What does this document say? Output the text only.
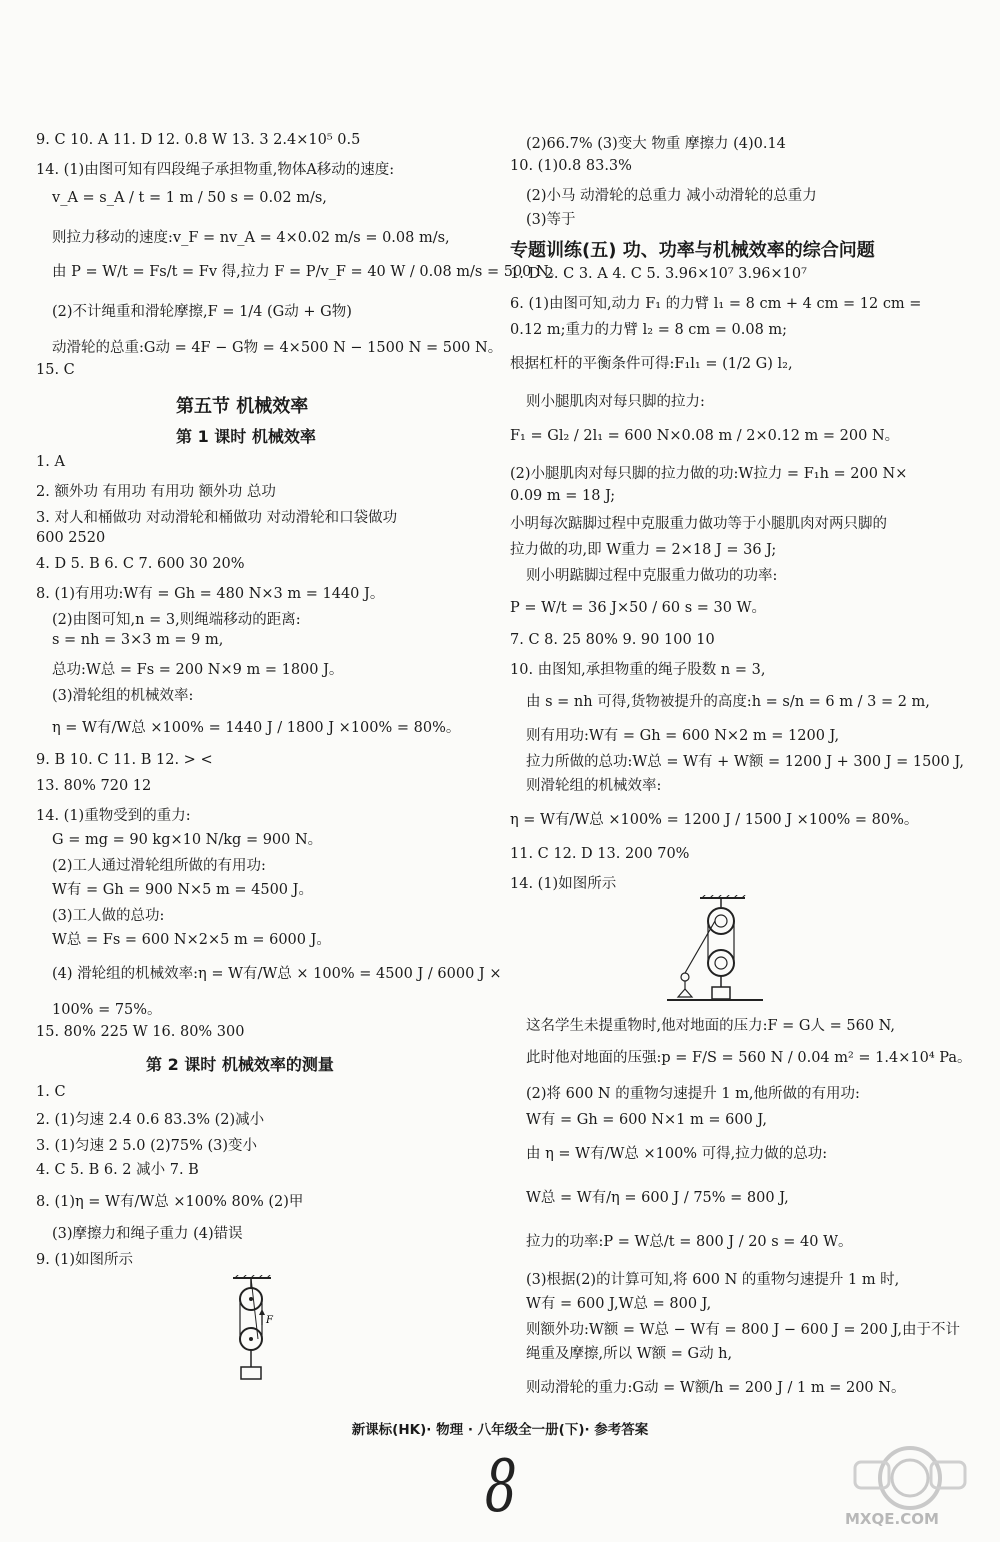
9. C 10. A 11. D 12. 0.8 W 13. 3 2.4×10⁵ 0.5
14. (1)由图可知有四段绳子承担物重,物体A移动的速度:
v_A = s_A / t = 1 m / 50 s = 0.02 m/s,
则拉力移动的速度:v_F = nv_A = 4×0.02 m/s = 0.08 m/s,
由 P = W/t = Fs/t = Fv 得,拉力 F = P/v_F = 40 W / 0.08 m/s = 500 N。
(2)不计绳重和滑轮摩擦,F = 1/4 (G动 + G物)
动滑轮的总重:G动 = 4F − G物 = 4×500 N − 1500 N = 500 N。
15. C
第五节 机械效率
第 1 课时 机械效率
1. A
2. 额外功 有用功 有用功 额外功 总功
3. 对人和桶做功 对动滑轮和桶做功 对动滑轮和口袋做功
600 2520
4. D 5. B 6. C 7. 600 30 20%
8. (1)有用功:W有 = Gh = 480 N×3 m = 1440 J。
(2)由图可知,n = 3,则绳端移动的距离:
s = nh = 3×3 m = 9 m,
总功:W总 = Fs = 200 N×9 m = 1800 J。
(3)滑轮组的机械效率:
η = W有/W总 ×100% = 1440 J / 1800 J ×100% = 80%。
9. B 10. C 11. B 12. > <
13. 80% 720 12
14. (1)重物受到的重力:
G = mg = 90 kg×10 N/kg = 900 N。
(2)工人通过滑轮组所做的有用功:
W有 = Gh = 900 N×5 m = 4500 J。
(3)工人做的总功:
W总 = Fs = 600 N×2×5 m = 6000 J。
(4) 滑轮组的机械效率:η = W有/W总 × 100% = 4500 J / 6000 J ×
100% = 75%。
15. 80% 225 W 16. 80% 300
第 2 课时 机械效率的测量
1. C
2. (1)匀速 2.4 0.6 83.3% (2)减小
3. (1)匀速 2 5.0 (2)75% (3)变小
4. C 5. B 6. 2 减小 7. B
8. (1)η = W有/W总 ×100% 80% (2)甲
(3)摩擦力和绳子重力 (4)错误
9. (1)如图所示
F
(2)66.7% (3)变大 物重 摩擦力 (4)0.14
10. (1)0.8 83.3%
(2)小马 动滑轮的总重力 减小动滑轮的总重力
(3)等于
专题训练(五) 功、功率与机械效率的综合问题
1. D 2. C 3. A 4. C 5. 3.96×10⁷ 3.96×10⁷
6. (1)由图可知,动力 F₁ 的力臂 l₁ = 8 cm + 4 cm = 12 cm =
0.12 m;重力的力臂 l₂ = 8 cm = 0.08 m;
根据杠杆的平衡条件可得:F₁l₁ = (1/2 G) l₂,
则小腿肌肉对每只脚的拉力:
F₁ = Gl₂ / 2l₁ = 600 N×0.08 m / 2×0.12 m = 200 N。
(2)小腿肌肉对每只脚的拉力做的功:W拉力 = F₁h = 200 N×
0.09 m = 18 J;
小明每次踮脚过程中克服重力做功等于小腿肌肉对两只脚的
拉力做的功,即 W重力 = 2×18 J = 36 J;
则小明踮脚过程中克服重力做功的功率:
P = W/t = 36 J×50 / 60 s = 30 W。
7. C 8. 25 80% 9. 90 100 10
10. 由图知,承担物重的绳子股数 n = 3,
由 s = nh 可得,货物被提升的高度:h = s/n = 6 m / 3 = 2 m,
则有用功:W有 = Gh = 600 N×2 m = 1200 J,
拉力所做的总功:W总 = W有 + W额 = 1200 J + 300 J = 1500 J,
则滑轮组的机械效率:
η = W有/W总 ×100% = 1200 J / 1500 J ×100% = 80%。
11. C 12. D 13. 200 70%
14. (1)如图所示
这名学生未提重物时,他对地面的压力:F = G人 = 560 N,
此时他对地面的压强:p = F/S = 560 N / 0.04 m² = 1.4×10⁴ Pa。
(2)将 600 N 的重物匀速提升 1 m,他所做的有用功:
W有 = Gh = 600 N×1 m = 600 J,
由 η = W有/W总 ×100% 可得,拉力做的总功:
W总 = W有/η = 600 J / 75% = 800 J,
拉力的功率:P = W总/t = 800 J / 20 s = 40 W。
(3)根据(2)的计算可知,将 600 N 的重物匀速提升 1 m 时,
W有 = 600 J,W总 = 800 J,
则额外功:W额 = W总 − W有 = 800 J − 600 J = 200 J,由于不计
绳重及摩擦,所以 W额 = G动 h,
则动滑轮的重力:G动 = W额/h = 200 J / 1 m = 200 N。
新课标(HK)· 物理 · 八年级全一册(下)· 参考答案
8	MXQE.COM
